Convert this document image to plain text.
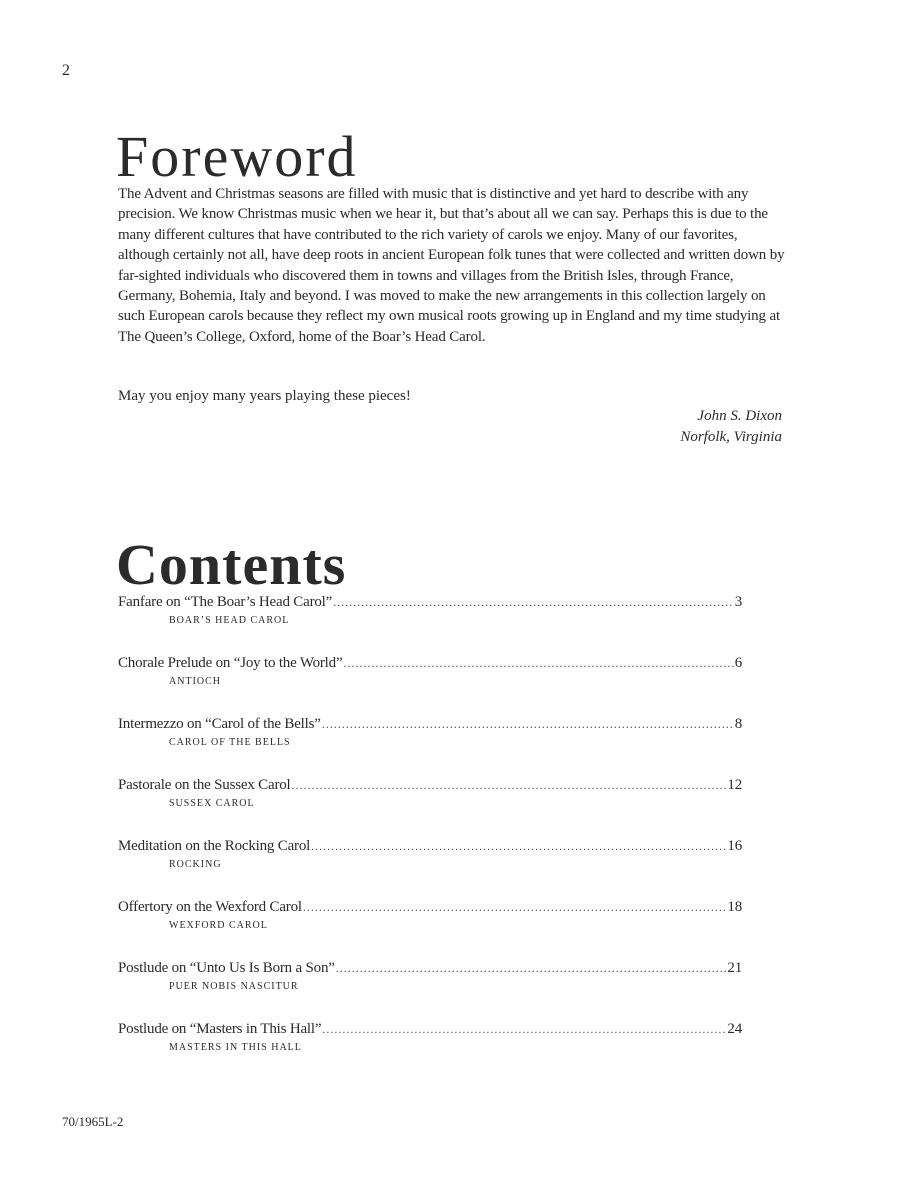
2
Foreword

The Advent and Christmas seasons are filled with music that is distinctive and yet hard to describe with any precision. We know Christmas music when we hear it, but that’s about all we can say. Perhaps this is due to the many different cultures that have contributed to the rich variety of carols we enjoy. Many of our favorites, although certainly not all, have deep roots in ancient European folk tunes that were collected and written down by far-sighted individuals who discovered them in towns and villages from the British Isles, through France, Germany, Bohemia, Italy and beyond. I was moved to make the new arrangements in this collection largely on such European carols because they reflect my own musical roots growing up in England and my time studying at The Queen’s College, Oxford, home of the Boar’s Head Carol.

May you enjoy many years playing these pieces!

John S. Dixon
Norfolk, Virginia
Contents
Fanfare on “The Boar’s Head Carol” .....	3
BOAR’S HEAD CAROL
Chorale Prelude on “Joy to the World” .....	6
ANTIOCH
Intermezzo on “Carol of the Bells” .....	8
CAROL OF THE BELLS
Pastorale on the Sussex Carol .....	12
SUSSEX CAROL
Meditation on the Rocking Carol .....	16
ROCKING
Offertory on the Wexford Carol .....	18
WEXFORD CAROL
Postlude on “Unto Us Is Born a Son” .....	21
PUER NOBIS NASCITUR
Postlude on “Masters in This Hall” .....	24
MASTERS IN THIS HALL
70/1965L-2
